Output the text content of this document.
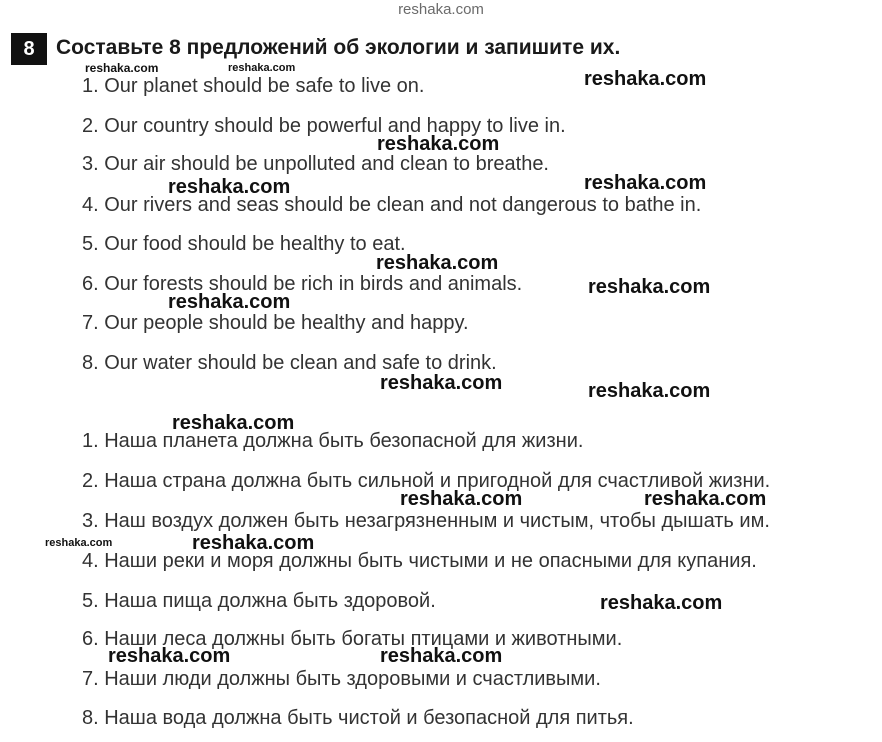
reshaka.com
8	Составьте 8 предложений об экологии и запишите их.
1. Our planet should be safe to live on.
2. Our country should be powerful and happy to live in.
3. Our air should be unpolluted and clean to breathe.
4. Our rivers and seas should be clean and not dangerous to bathe in.
5. Our food should be healthy to eat.
6. Our forests should be rich in birds and animals.
7. Our people should be healthy and happy.
8. Our water should be clean and safe to drink.
1. Наша планета должна быть безопасной для жизни.
2. Наша страна должна быть сильной и пригодной для счастливой жизни.
3. Наш воздух должен быть незагрязненным и чистым, чтобы дышать им.
4. Наши реки и моря должны быть чистыми и не опасными для купания.
5. Наша пища должна быть здоровой.
6. Наши леса должны быть богаты птицами и животными.
7. Наши люди должны быть здоровыми и счастливыми.
8. Наша вода должна быть чистой и безопасной для питья.
reshaka.com	reshaka.com	reshaka.com
reshaka.com
reshaka.com	reshaka.com
reshaka.com
reshaka.com
reshaka.com
reshaka.com	reshaka.com
reshaka.com
reshaka.com	reshaka.com
reshaka.com	reshaka.com
reshaka.com
reshaka.com	reshaka.com
